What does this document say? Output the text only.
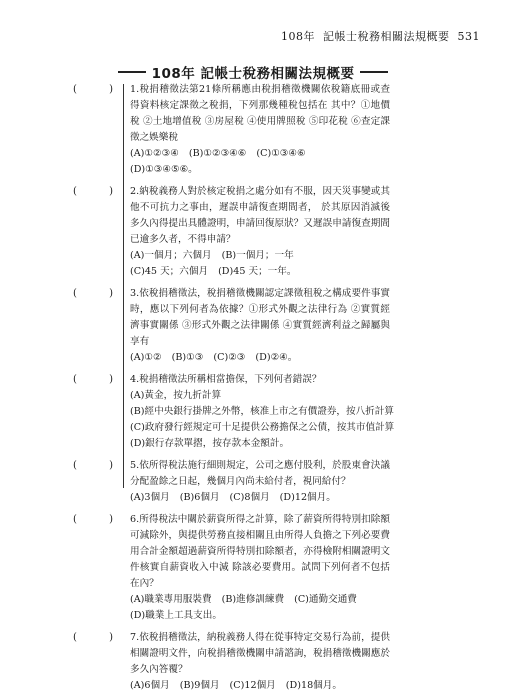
108年 記帳士稅務相關法規概要 531
108年 記帳士稅務相關法規概要
(	) 1.稅捐稽徵法第21條所稱應由稅捐稽徵機關依稅籍底冊或查得資料核定課徵之稅捐，下列那幾種稅包括在 其中？①地價稅 ②土地增值稅 ③房屋稅 ④使用牌照稅 ⑤印花稅 ⑥查定課徵之娛樂稅
(A)①②③④ (B)①②③④⑥ (C)①③④⑥(D)①③④⑤⑥。
(	) 2.納稅義務人對於核定稅捐之處分如有不服，因天災事變或其他不可抗力之事由，遲誤申請復查期間者， 於其原因消滅後多久內得提出具體證明，申請回復原狀？又遲誤申請復查期間已逾多久者，不得申請？
(A)一個月；六個月 (B)一個月；一年(C)45 天；六個月 (D)45 天；一年。
(	) 3.依稅捐稽徵法，稅捐稽徵機關認定課徵租稅之構成要件事實時，應以下列何者為依據？①形式外觀之法律行為 ②實質經濟事實關係 ③形式外觀之法律關係 ④實質經濟利益之歸屬與享有
(A)①② (B)①③ (C)②③ (D)②④。
(	) 4.稅捐稽徵法所稱相當擔保，下列何者錯誤？
(A)黃金，按九折計算(B)經中央銀行掛牌之外幣，核准上市之有價證券，按八折計算(C)政府發行經規定可十足提供公務擔保之公債，按其市值計算(D)銀行存款單摺，按存款本金額計。
(	) 5.依所得稅法施行細則規定，公司之應付股利，於股東會決議分配盈餘之日起，幾個月內尚未給付者，視同給付？
(A)3個月 (B)6個月 (C)8個月 (D)12個月。
(	) 6.所得稅法中關於薪資所得之計算，除了薪資所得特別扣除額可減除外，與提供勞務直接相關且由所得人負擔之下列必要費用合計金額超過薪資所得特別扣除額者，亦得檢附相關證明文件核實自薪資收入中減 除該必要費用。試問下列何者不包括在內？
(A)職業專用服裝費 (B)進修訓練費 (C)通勤交通費(D)職業上工具支出。
(	) 7.依稅捐稽徵法，納稅義務人得在從事特定交易行為前，提供相關證明文件，向稅捐稽徵機關申請諮詢，稅捐稽徵機關應於多久內答覆？
(A)6個月 (B)9個月 (C)12個月 (D)18個月。
